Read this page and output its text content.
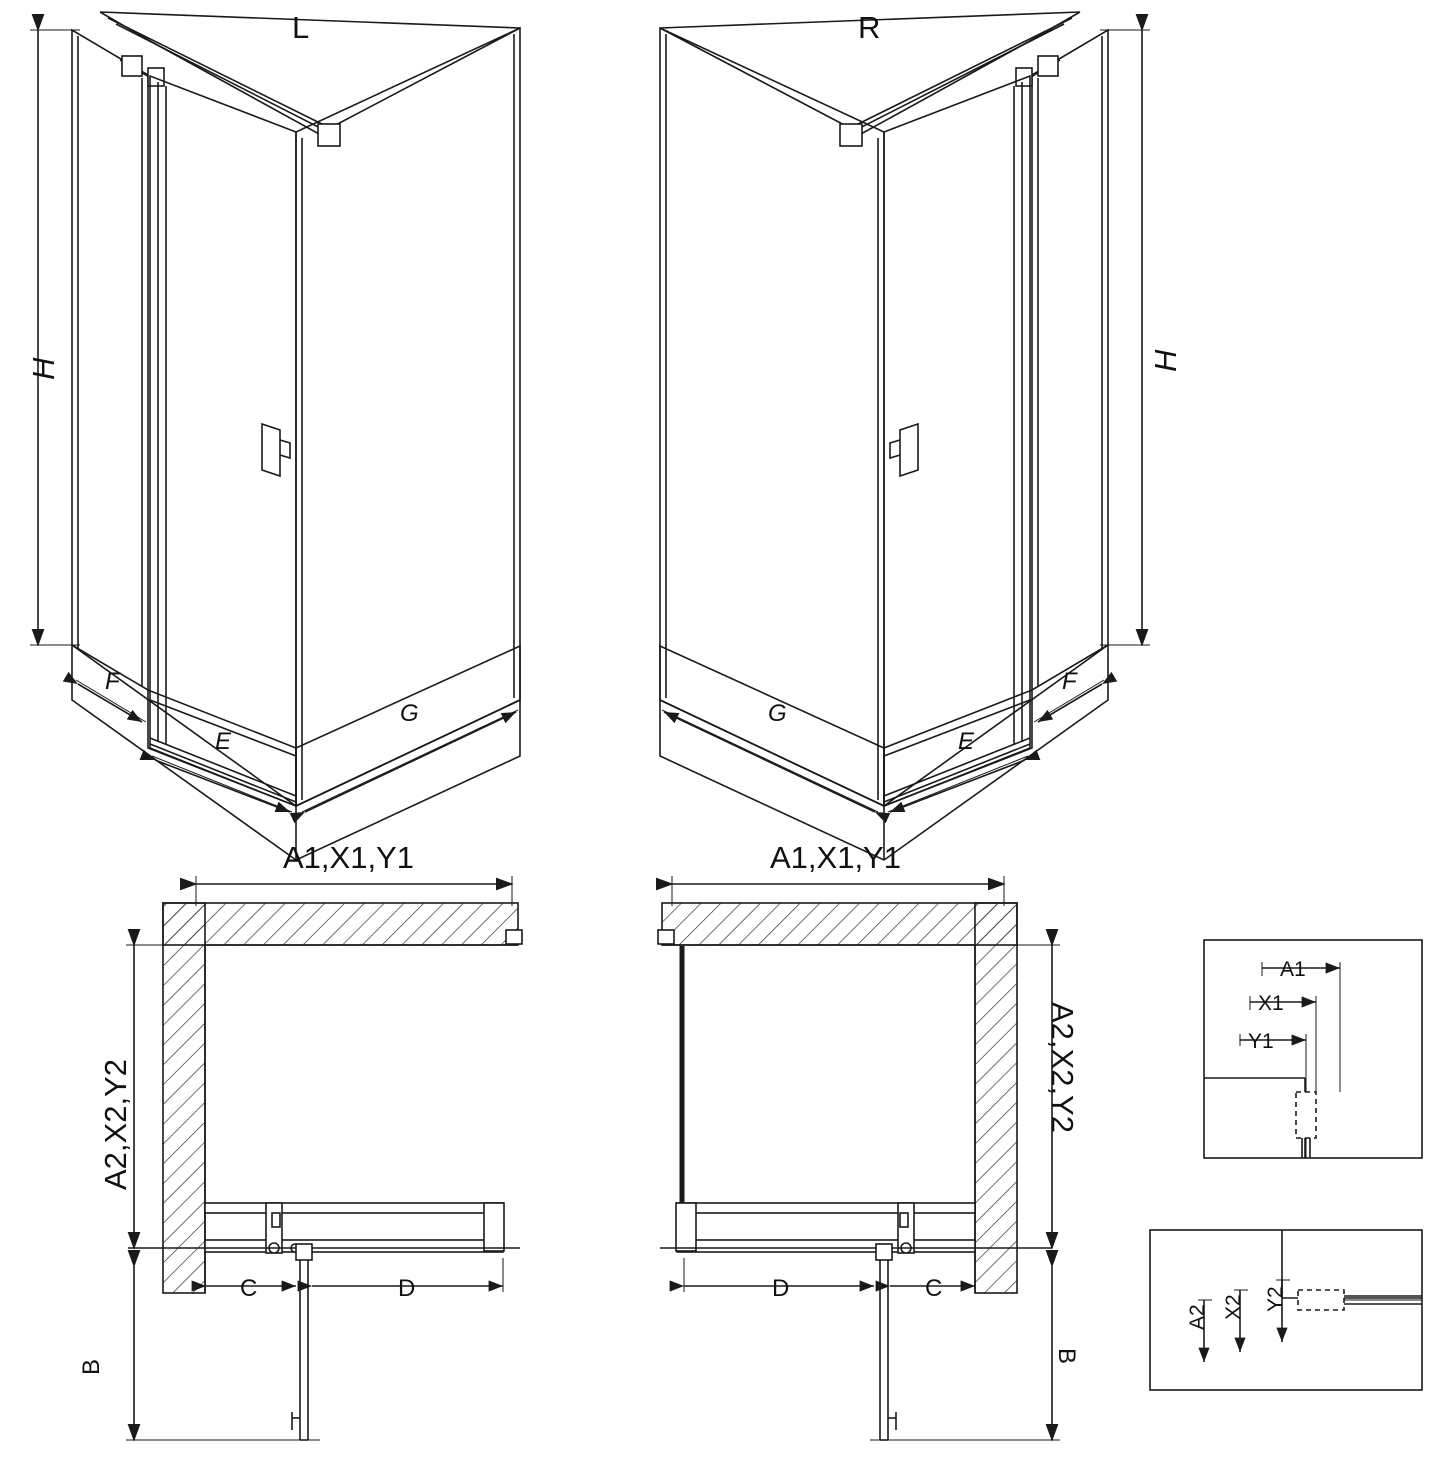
L	R
H	H
F
E
G
F
E
G
A1,X1,Y1	A1,X1,Y1
A2,X2,Y2	A2,X2,Y2
C	D
B
C
D
B
A1
X1
Y1
A2 X2 Y2
